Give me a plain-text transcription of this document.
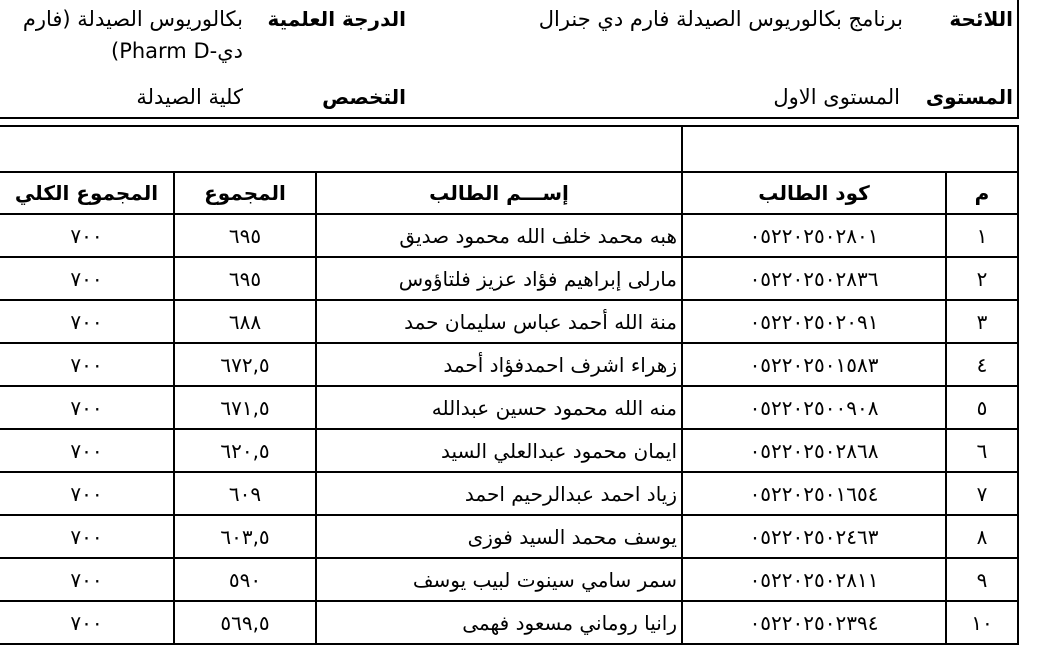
اللائحة
برنامج بكالوريوس الصيدلة فارم دي جنرال
الدرجة العلمية
بكالوريوس الصيدلة (فارم
دي-Pharm D)
المستوى
المستوى الاول
التخصص
كلية الصيدلة

م	كود الطالب	إســـم الطالب	المجموع	المجموع الكلي
١	٠٥٢٢٠٢٥٠٢٨٠١	هبه محمد خلف الله محمود صديق	٦٩٥	٧٠٠
٢	٠٥٢٢٠٢٥٠٢٨٣٦	مارلى إبراهيم فؤاد عزيز فلتاؤوس	٦٩٥	٧٠٠
٣	٠٥٢٢٠٢٥٠٢٠٩١	منة الله أحمد عباس سليمان حمد	٦٨٨	٧٠٠
٤	٠٥٢٢٠٢٥٠١٥٨٣	زهراء اشرف احمدفؤاد أحمد	٦٧٢,٥	٧٠٠
٥	٠٥٢٢٠٢٥٠٠٩٠٨	منه الله محمود حسين عبدالله	٦٧١,٥	٧٠٠
٦	٠٥٢٢٠٢٥٠٢٨٦٨	ايمان محمود عبدالعلي السيد	٦٢٠,٥	٧٠٠
٧	٠٥٢٢٠٢٥٠١٦٥٤	زياد احمد عبدالرحيم احمد	٦٠٩	٧٠٠
٨	٠٥٢٢٠٢٥٠٢٤٦٣	يوسف محمد السيد فوزى	٦٠٣,٥	٧٠٠
٩	٠٥٢٢٠٢٥٠٢٨١١	سمر سامي سينوت لبيب يوسف	٥٩٠	٧٠٠
١٠	٠٥٢٢٠٢٥٠٢٣٩٤	رانيا روماني مسعود فهمى	٥٦٩,٥	٧٠٠
